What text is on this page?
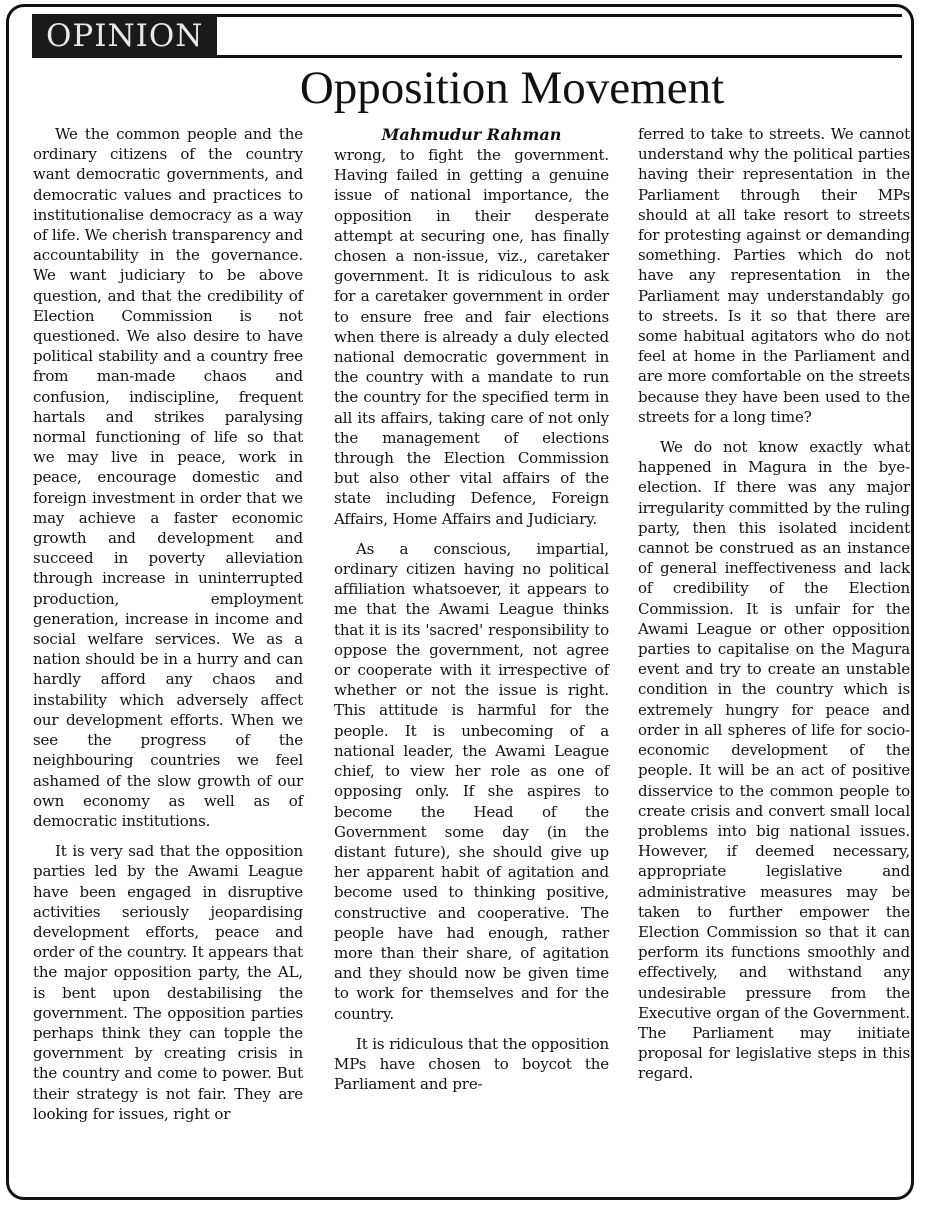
OPINION
Opposition Movement
Mahmudur Rahman

We the common people and the ordinary citizens of the country want democratic governments, and democratic values and practices to institutionalise democracy as a way of life. We cherish transparency and accountability in the governance. We want judiciary to be above question, and that the credibility of Election Commission is not questioned. We also desire to have political stability and a country free from man-made chaos and confusion, indiscipline, frequent hartals and strikes paralysing normal functioning of life so that we may live in peace, work in peace, encourage domestic and foreign investment in order that we may achieve a faster economic growth and development and succeed in poverty alleviation through increase in uninterrupted production, employment generation, increase in income and social welfare services. We as a nation should be in a hurry and can hardly afford any chaos and instability which adversely affect our development efforts. When we see the progress of the neighbouring countries we feel ashamed of the slow growth of our own economy as well as of democratic institutions.

It is very sad that the opposition parties led by the Awami League have been engaged in disruptive activities seriously jeopardising development efforts, peace and order of the country. It appears that the major opposition party, the AL, is bent upon destabilising the government. The opposition parties perhaps think they can topple the government by creating crisis in the country and come to power. But their strategy is not fair. They are looking for issues, right or

wrong, to fight the government. Having failed in getting a genuine issue of national importance, the opposition in their desperate attempt at securing one, has finally chosen a non-issue, viz., caretaker government. It is ridiculous to ask for a caretaker government in order to ensure free and fair elections when there is already a duly elected national democratic government in the country with a mandate to run the country for the specified term in all its affairs, taking care of not only the management of elections through the Election Commission but also other vital affairs of the state including Defence, Foreign Affairs, Home Affairs and Judiciary.

As a conscious, impartial, ordinary citizen having no political affiliation whatsoever, it appears to me that the Awami League thinks that it is its 'sacred' responsibility to oppose the government, not agree or cooperate with it irrespective of whether or not the issue is right. This attitude is harmful for the people. It is unbecoming of a national leader, the Awami League chief, to view her role as one of opposing only. If she aspires to become the Head of the Government some day (in the distant future), she should give up her apparent habit of agitation and become used to thinking positive, constructive and cooperative. The people have had enough, rather more than their share, of agitation and they should now be given time to work for themselves and for the country.

It is ridiculous that the opposition MPs have chosen to boycot the Parliament and pre-

ferred to take to streets. We cannot understand why the political parties having their representation in the Parliament through their MPs should at all take resort to streets for protesting against or demanding something. Parties which do not have any representation in the Parliament may understandably go to streets. Is it so that there are some habitual agitators who do not feel at home in the Parliament and are more comfortable on the streets because they have been used to the streets for a long time?

We do not know exactly what happened in Magura in the bye-election. If there was any major irregularity committed by the ruling party, then this isolated incident cannot be construed as an instance of general ineffectiveness and lack of credibility of the Election Commission. It is unfair for the Awami League or other opposition parties to capitalise on the Magura event and try to create an unstable condition in the country which is extremely hungry for peace and order in all spheres of life for socio-economic development of the people. It will be an act of positive disservice to the common people to create crisis and convert small local problems into big national issues. However, if deemed necessary, appropriate legislative and administrative measures may be taken to further empower the Election Commission so that it can perform its functions smoothly and effectively, and withstand any undesirable pressure from the Executive organ of the Government. The Parliament may initiate proposal for legislative steps in this regard.
